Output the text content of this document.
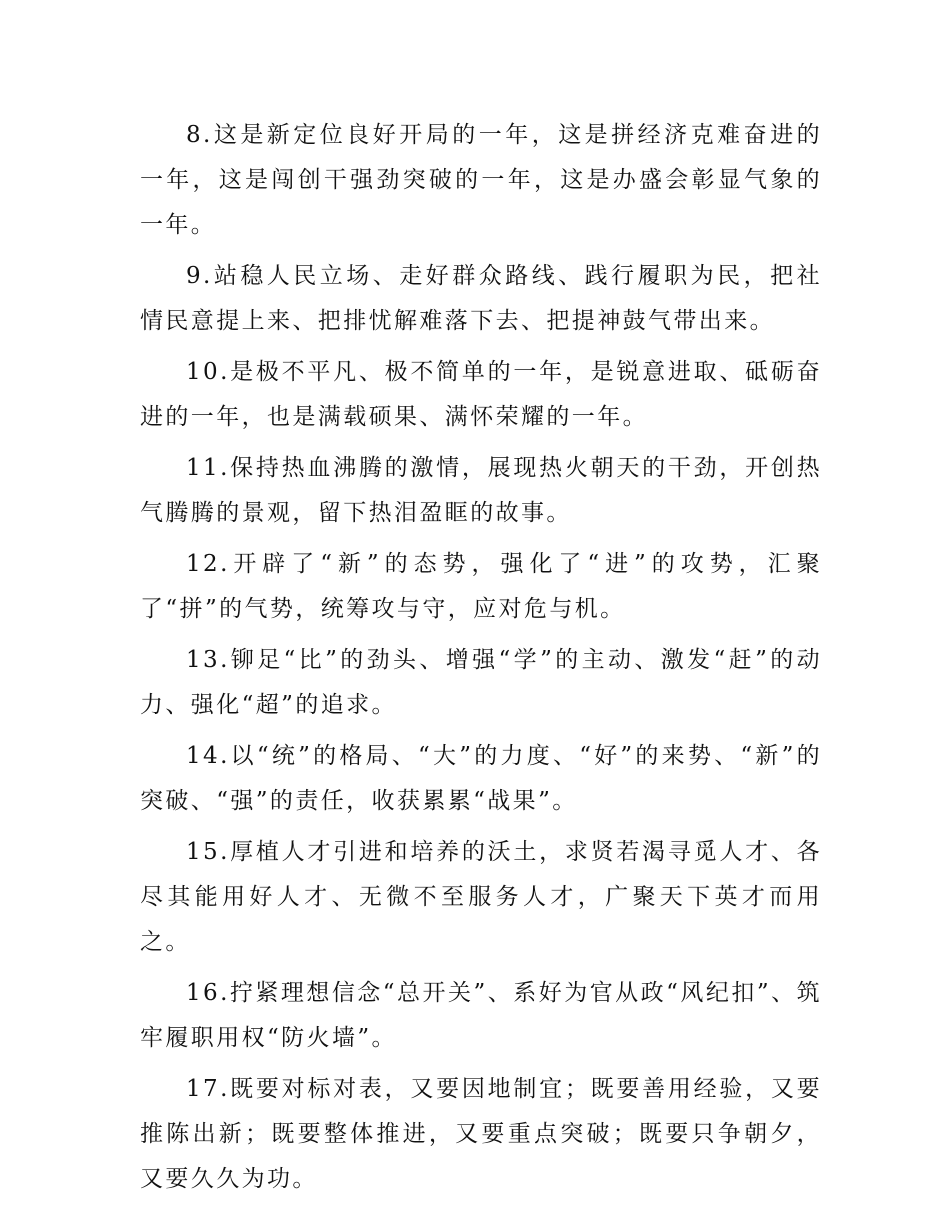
8.这是新定位良好开局的一年，这是拼经济克难奋进的一年，这是闯创干强劲突破的一年，这是办盛会彰显气象的一年。

9.站稳人民立场、走好群众路线、践行履职为民，把社情民意提上来、把排忧解难落下去、把提神鼓气带出来。

10.是极不平凡、极不简单的一年，是锐意进取、砥砺奋进的一年，也是满载硕果、满怀荣耀的一年。

11.保持热血沸腾的激情，展现热火朝天的干劲，开创热气腾腾的景观，留下热泪盈眶的故事。

12.开辟了“新”的态势，强化了“进”的攻势，汇聚了“拼”的气势，统筹攻与守，应对危与机。

13.铆足“比”的劲头、增强“学”的主动、激发“赶”的动力、强化“超”的追求。

14.以“统”的格局、“大”的力度、“好”的来势、“新”的突破、“强”的责任，收获累累“战果”。

15.厚植人才引进和培养的沃土，求贤若渴寻觅人才、各尽其能用好人才、无微不至服务人才，广聚天下英才而用之。

16.拧紧理想信念“总开关”、系好为官从政“风纪扣”、筑牢履职用权“防火墙”。

17.既要对标对表，又要因地制宜；既要善用经验，又要推陈出新；既要整体推进，又要重点突破；既要只争朝夕，又要久久为功。
